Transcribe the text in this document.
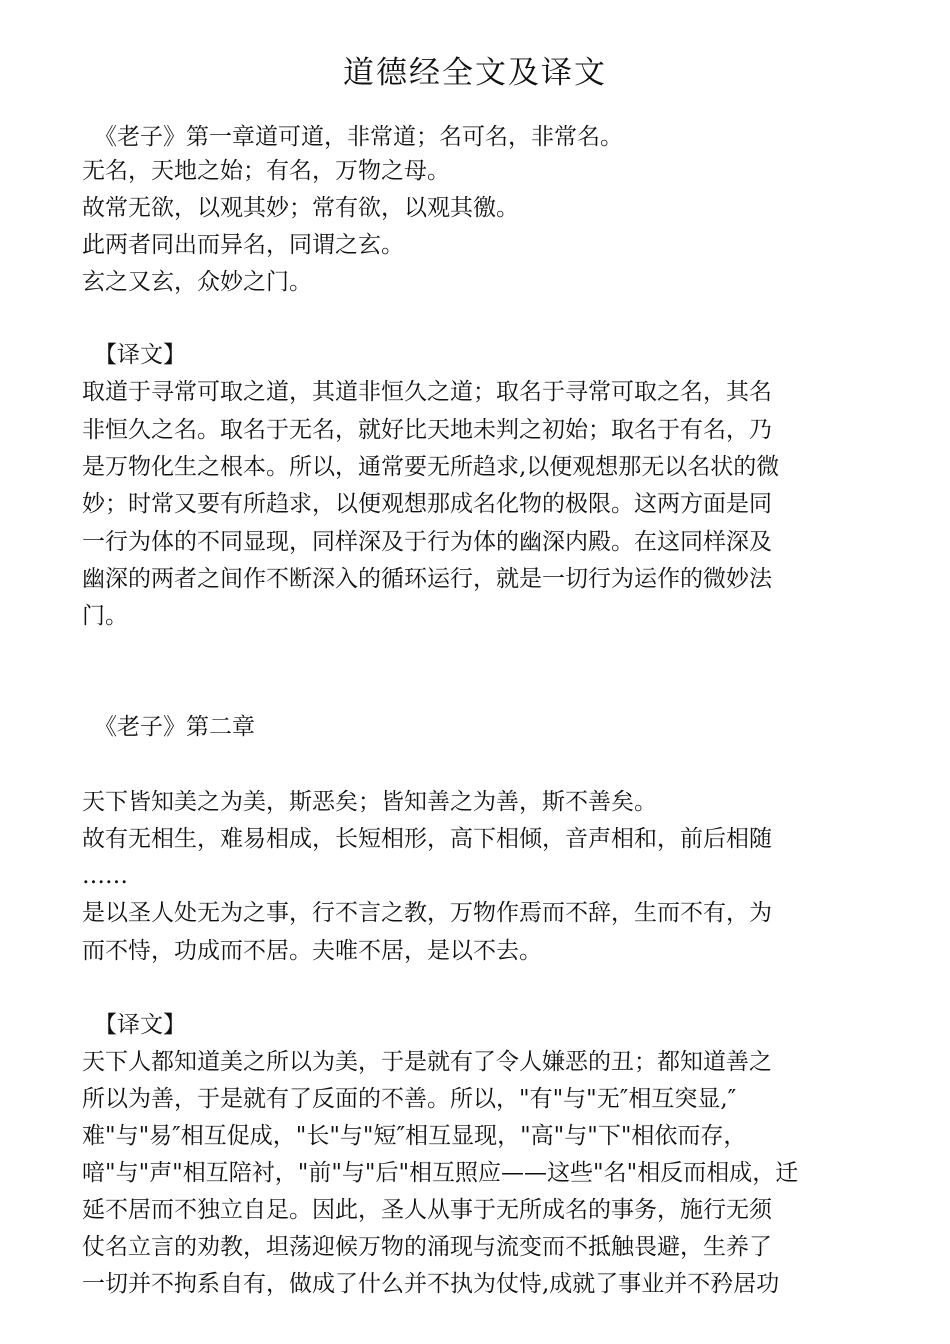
道德经全文及译文
《老子》第一章道可道，非常道；名可名，非常名。
无名，天地之始；有名，万物之母。
故常无欲，以观其妙；常有欲，以观其徼。
此两者同出而异名，同谓之玄。
玄之又玄，众妙之门。
【译文】
取道于寻常可取之道，其道非恒久之道；取名于寻常可取之名，其名
非恒久之名。取名于无名，就好比天地未判之初始；取名于有名，乃
是万物化生之根本。所以，通常要无所趋求,以便观想那无以名状的微
妙；时常又要有所趋求，以便观想那成名化物的极限。这两方面是同
一行为体的不同显现，同样深及于行为体的幽深内殿。在这同样深及
幽深的两者之间作不断深入的循环运行，就是一切行为运作的微妙法
门。
《老子》第二章
天下皆知美之为美，斯恶矣；皆知善之为善，斯不善矣。
故有无相生，难易相成，长短相形，高下相倾，音声相和，前后相随
……
是以圣人处无为之事，行不言之教，万物作焉而不辞，生而不有，为
而不恃，功成而不居。夫唯不居，是以不去。
【译文】
天下人都知道美之所以为美，于是就有了令人嫌恶的丑；都知道善之
所以为善，于是就有了反面的不善。所以，"有"与"无″相互突显,″
难"与"易″相互促成，"长"与"短″相互显现，"高"与"下"相依而存，
喑"与"声"相互陪衬，"前"与"后"相互照应——这些"名"相反而相成，迁
延不居而不独立自足。因此，圣人从事于无所成名的事务，施行无须
仗名立言的劝教，坦荡迎候万物的涌现与流变而不抵触畏避，生养了
一切并不拘系自有，做成了什么并不执为仗恃,成就了事业并不矜居功
